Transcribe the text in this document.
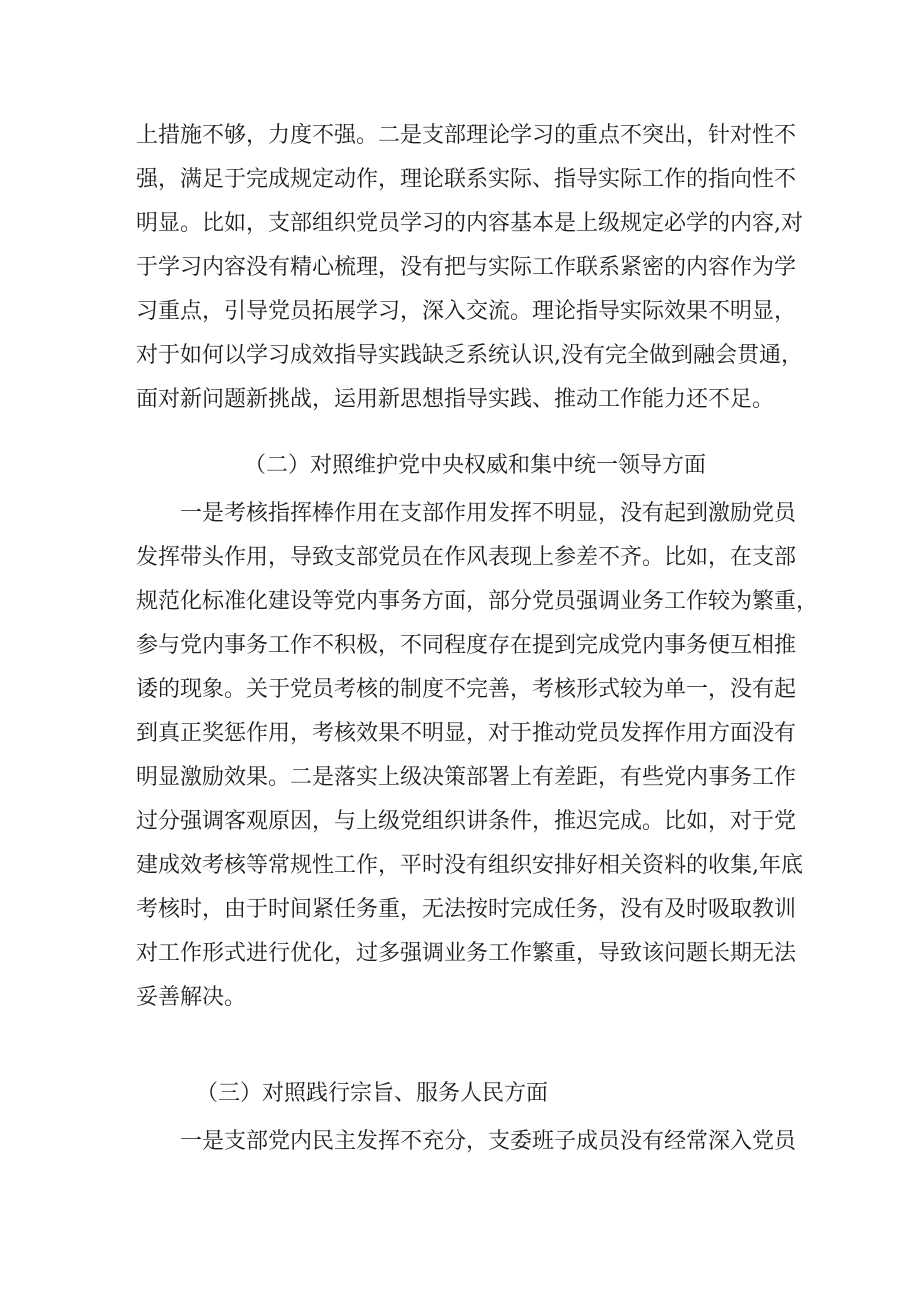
上措施不够，力度不强。二是支部理论学习的重点不突出，针对性不
强，满足于完成规定动作，理论联系实际、指导实际工作的指向性不
明显。比如，支部组织党员学习的内容基本是上级规定必学的内容,对
于学习内容没有精心梳理，没有把与实际工作联系紧密的内容作为学
习重点，引导党员拓展学习，深入交流。理论指导实际效果不明显，
对于如何以学习成效指导实践缺乏系统认识,没有完全做到融会贯通，
面对新问题新挑战，运用新思想指导实践、推动工作能力还不足。
（二）对照维护党中央权威和集中统一领导方面
一是考核指挥棒作用在支部作用发挥不明显，没有起到激励党员
发挥带头作用，导致支部党员在作风表现上参差不齐。比如，在支部
规范化标准化建设等党内事务方面，部分党员强调业务工作较为繁重，
参与党内事务工作不积极，不同程度存在提到完成党内事务便互相推
诿的现象。关于党员考核的制度不完善，考核形式较为单一，没有起
到真正奖惩作用，考核效果不明显，对于推动党员发挥作用方面没有
明显激励效果。二是落实上级决策部署上有差距，有些党内事务工作
过分强调客观原因，与上级党组织讲条件，推迟完成。比如，对于党
建成效考核等常规性工作，平时没有组织安排好相关资料的收集,年底
考核时，由于时间紧任务重，无法按时完成任务，没有及时吸取教训
对工作形式进行优化，过多强调业务工作繁重，导致该问题长期无法
妥善解决。
（三）对照践行宗旨、服务人民方面
一是支部党内民主发挥不充分，支委班子成员没有经常深入党员
